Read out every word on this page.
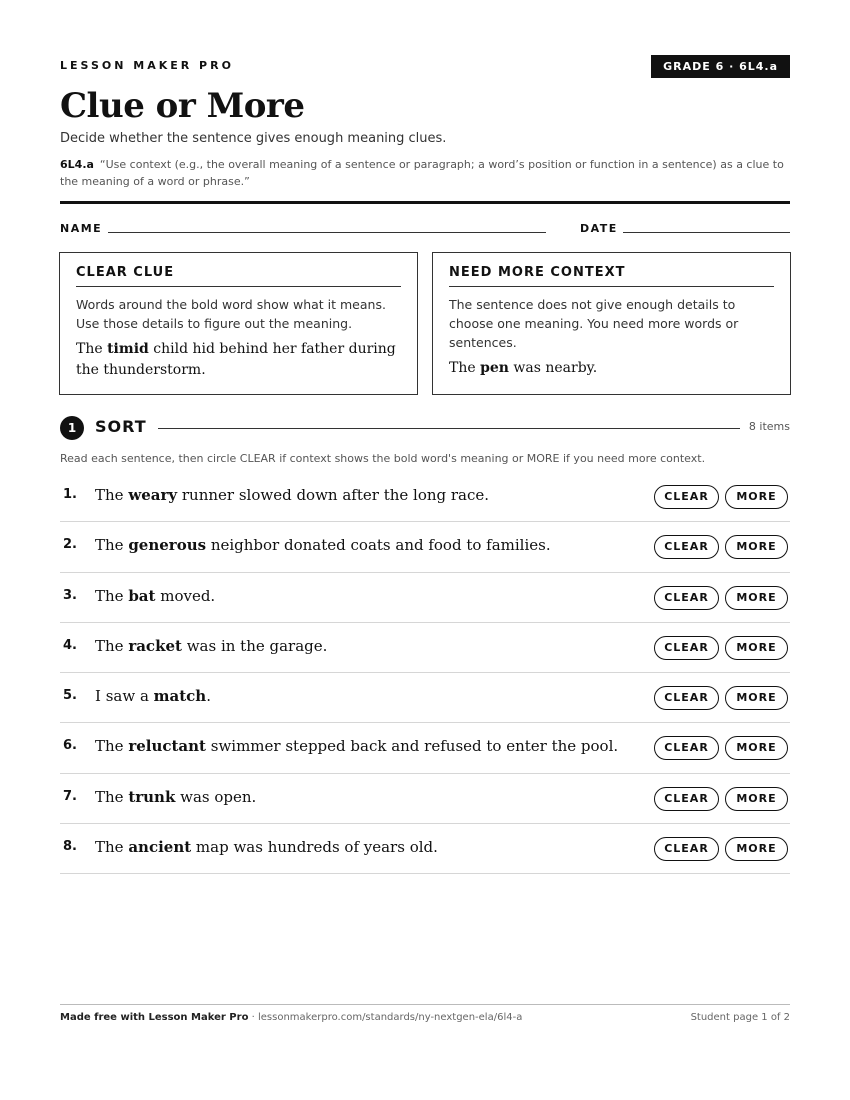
LESSON MAKER PRO	GRADE 6 · 6L4.a
Clue or More
Decide whether the sentence gives enough meaning clues.
6L4.a “Use context (e.g., the overall meaning of a sentence or paragraph; a word’s position or function in a sentence) as a clue to the meaning of a word or phrase.”
NAME	DATE
CLEAR CLUE
Words around the bold word show what it means. Use those details to figure out the meaning.
The timid child hid behind her father during the thunderstorm.
NEED MORE CONTEXT
The sentence does not give enough details to choose one meaning. You need more words or sentences.
The pen was nearby.
1	SORT	8 items
Read each sentence, then circle CLEAR if context shows the bold word's meaning or MORE if you need more context.
1. The weary runner slowed down after the long race.	CLEAR	MORE
2. The generous neighbor donated coats and food to families.	CLEAR	MORE
3. The bat moved.	CLEAR	MORE
4. The racket was in the garage.	CLEAR	MORE
5. I saw a match.	CLEAR	MORE
6. The reluctant swimmer stepped back and refused to enter the pool.	CLEAR	MORE
7. The trunk was open.	CLEAR	MORE
8. The ancient map was hundreds of years old.	CLEAR	MORE
Made free with Lesson Maker Pro · lessonmakerpro.com/standards/ny-nextgen-ela/6l4-a	Student page 1 of 2
